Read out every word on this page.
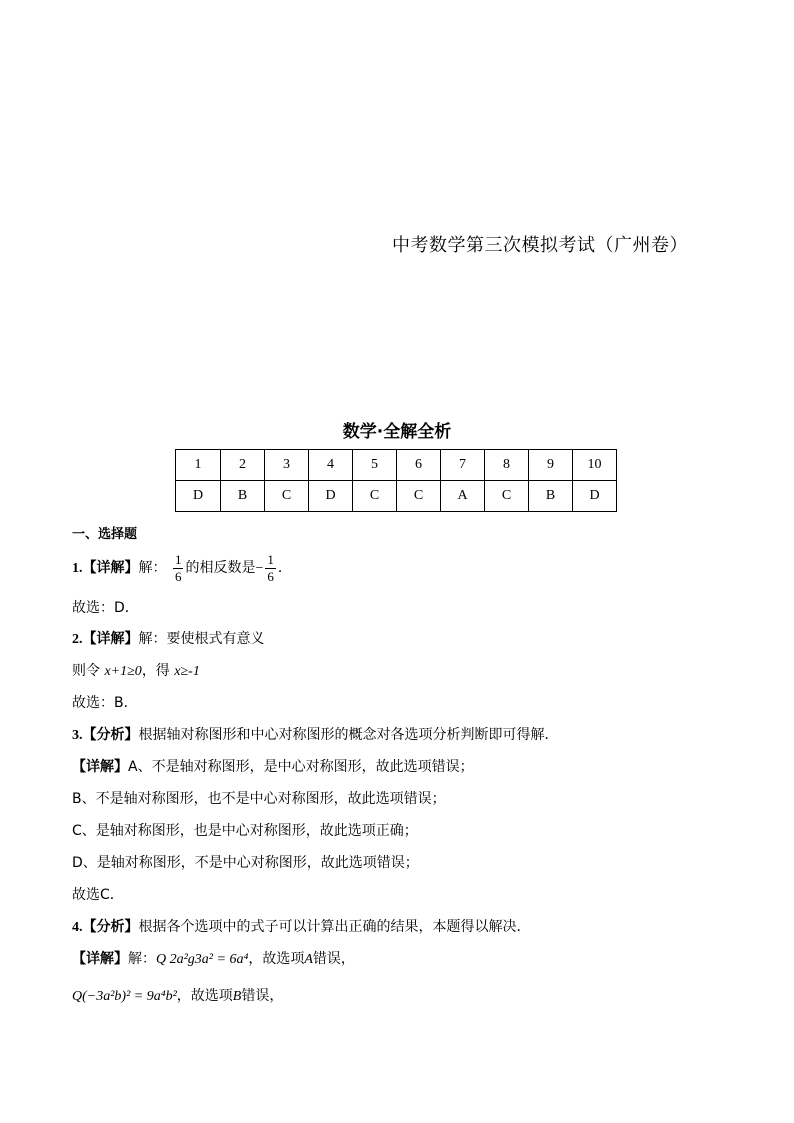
中考数学第三次模拟考试（广州卷）
数学·全解全析
1	2	3	4	5	6	7	8	9	10
D	B	C	D	C	C	A	C	B	D
一、选择题
1.【详解】解： $\frac{1}{6}$ 的相反数是− $\frac{1}{6}$ ．
故选：D．
2.【详解】解：要使根式有意义
则令 x+1≥0，得 x≥-1
故选：B．
3.【分析】根据轴对称图形和中心对称图形的概念对各选项分析判断即可得解．
【详解】A、不是轴对称图形，是中心对称图形，故此选项错误；
B、不是轴对称图形，也不是中心对称图形，故此选项错误；
C、是轴对称图形，也是中心对称图形，故此选项正确；
D、是轴对称图形，不是中心对称图形，故此选项错误；
故选C．
4.【分析】根据各个选项中的式子可以计算出正确的结果，本题得以解决．
【详解】解：Q 2a²g3a² = 6a⁴，故选项A错误，
Q(−3a²b)² = 9a⁴b²，故选项B错误，
